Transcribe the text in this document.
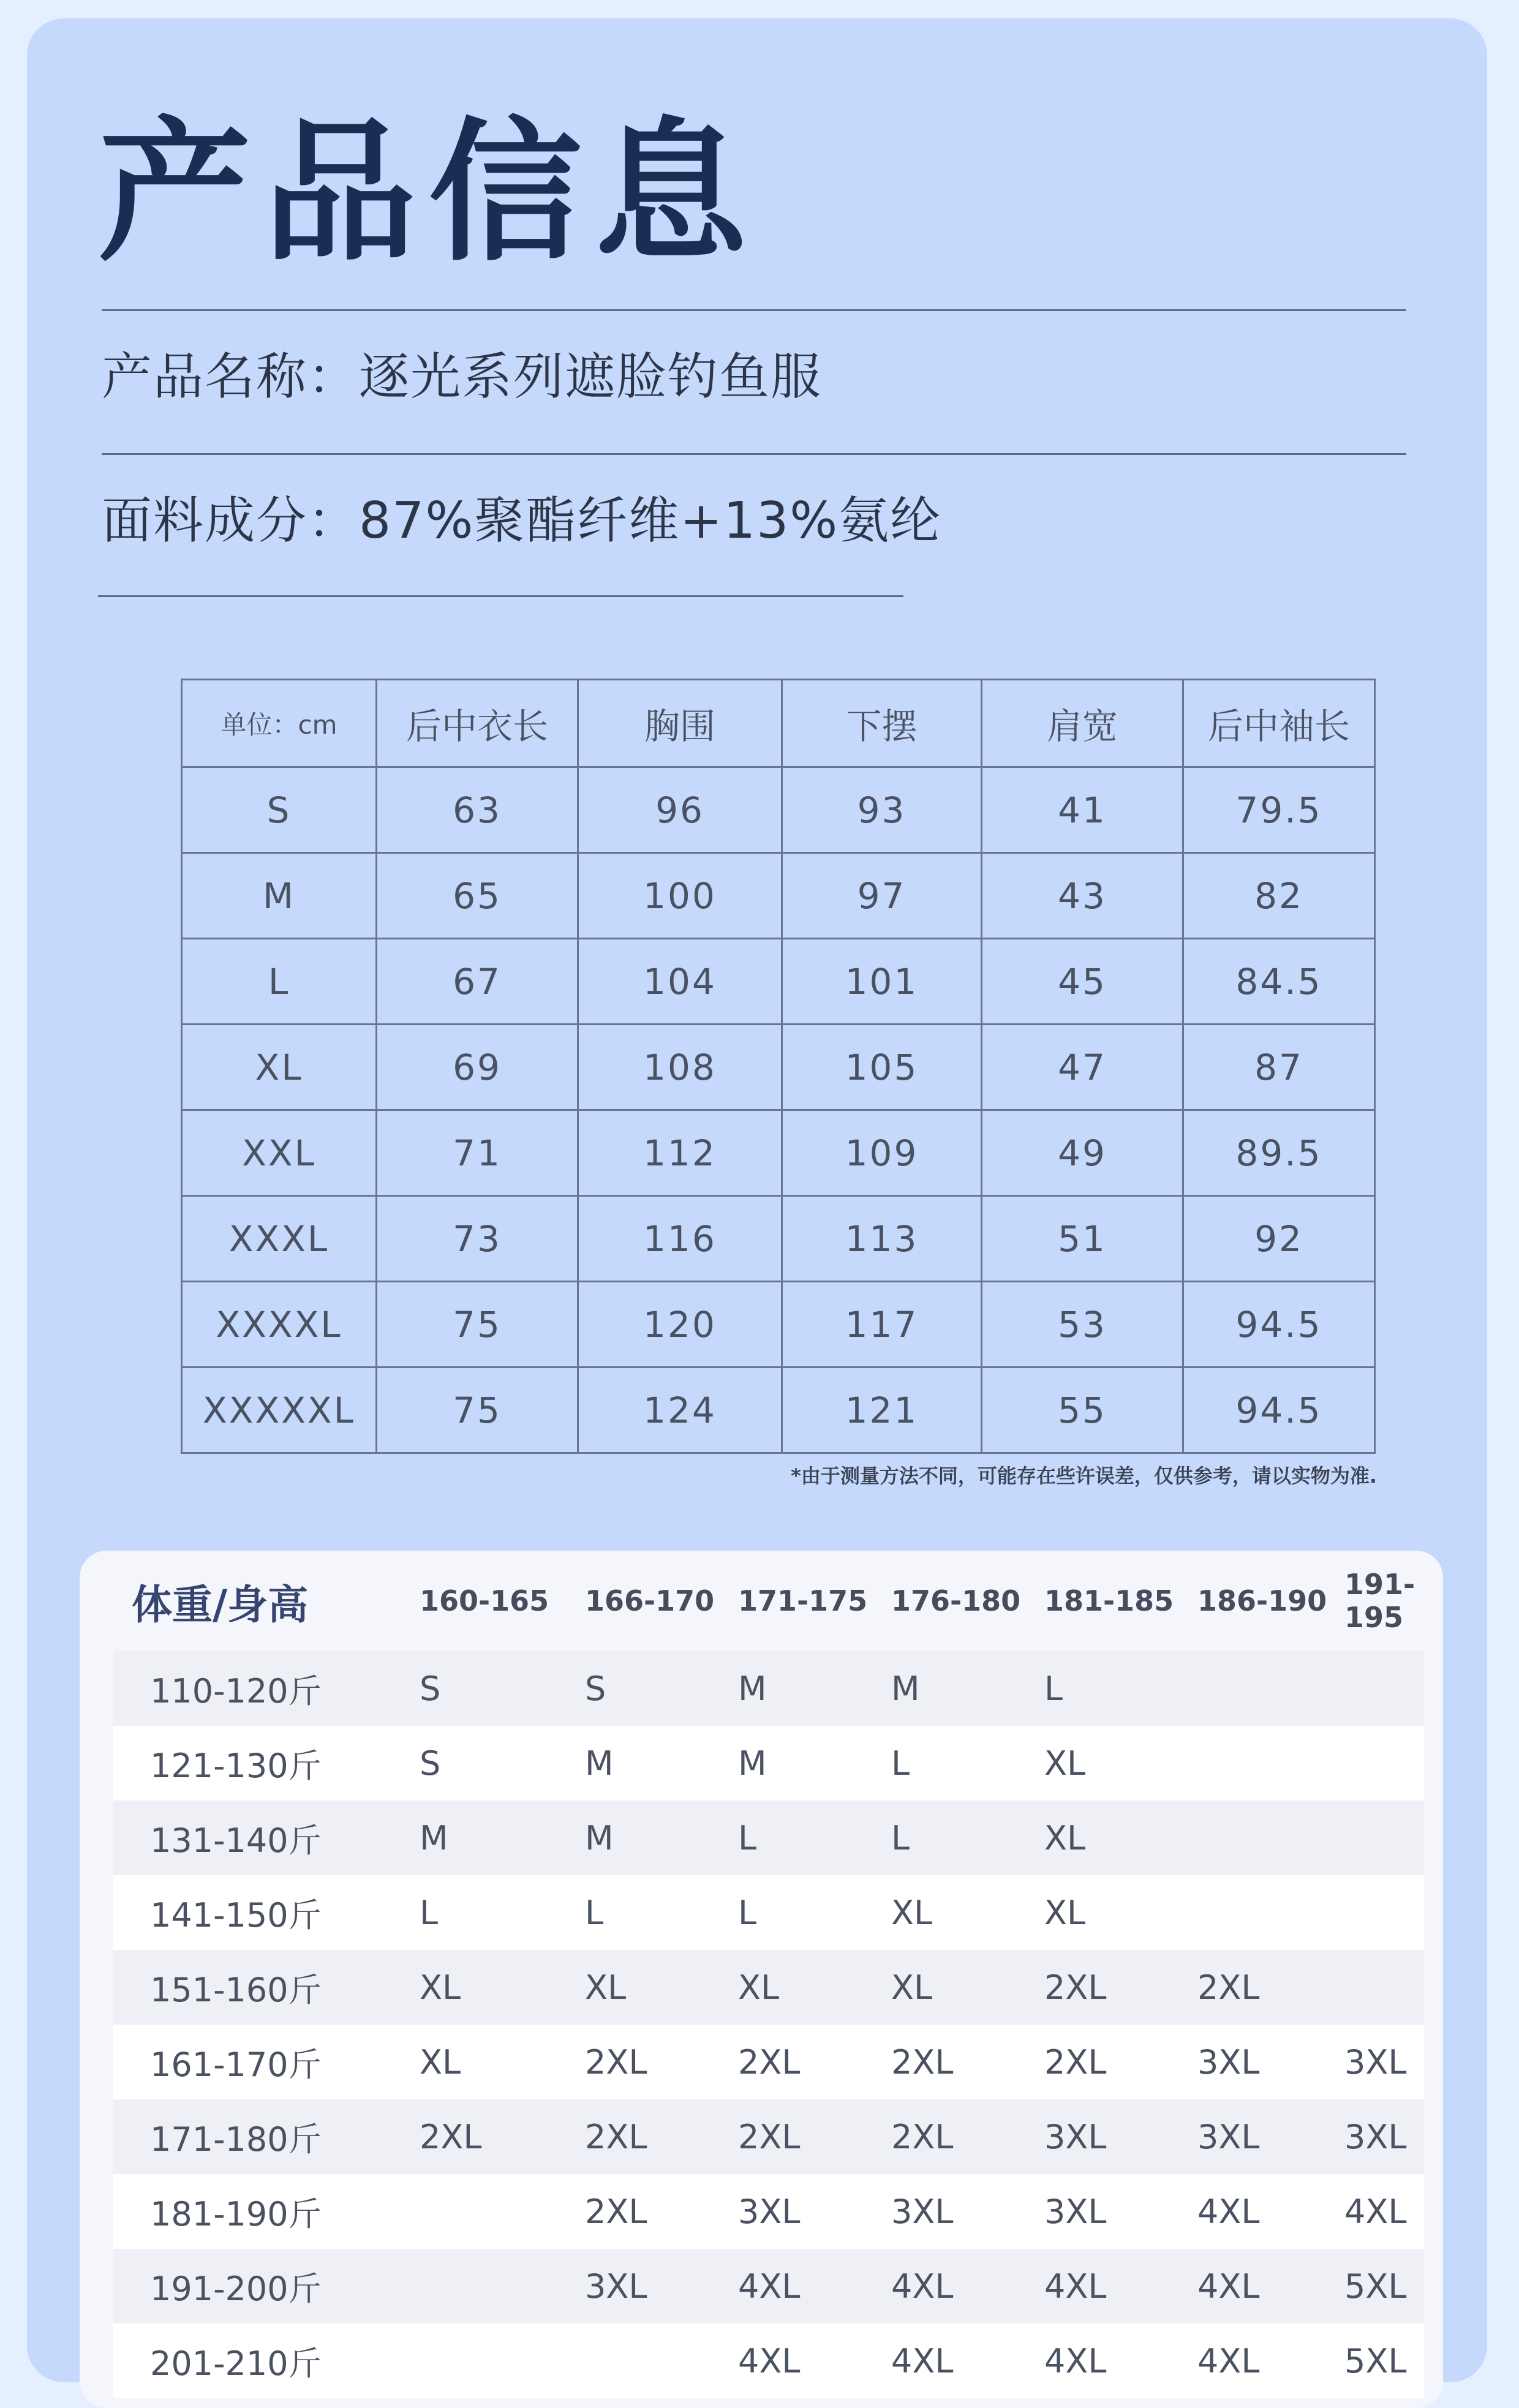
产品信息
产品名称：逐光系列遮脸钓鱼服
面料成分：87%聚酯纤维+13%氨纶
单位：cm	后中衣长	胸围	下摆	肩宽	后中袖长
S	63	96	93	41	79.5
M	65	100	97	43	82
L	67	104	101	45	84.5
XL	69	108	105	47	87
XXL	71	112	109	49	89.5
XXXL	73	116	113	51	92
XXXXL	75	120	117	53	94.5
XXXXXL	75	124	121	55	94.5
*由于测量方法不同，可能存在些许误差，仅供参考，请以实物为准.
体重/身高	160-165	166-170	171-175	176-180	181-185	186-190	191-195
110-120斤	S	S	M	M	L		
121-130斤	S	M	M	L	XL		
131-140斤	M	M	L	L	XL		
141-150斤	L	L	L	XL	XL		
151-160斤	XL	XL	XL	XL	2XL	2XL	
161-170斤	XL	2XL	2XL	2XL	2XL	3XL	3XL
171-180斤	2XL	2XL	2XL	2XL	3XL	3XL	3XL
181-190斤		2XL	3XL	3XL	3XL	4XL	4XL
191-200斤		3XL	4XL	4XL	4XL	4XL	5XL
201-210斤			4XL	4XL	4XL	4XL	5XL
